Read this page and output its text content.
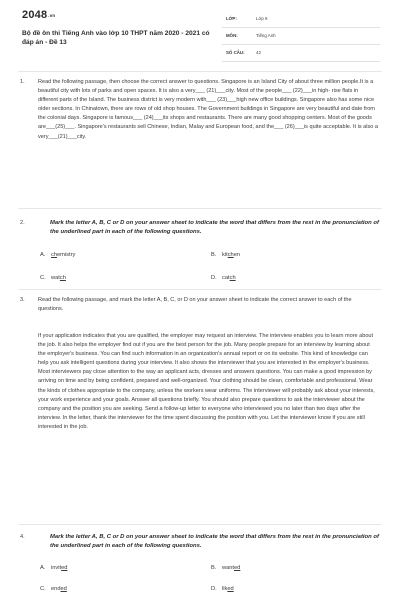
2048.vn
Bộ đề ôn thi Tiếng Anh vào lớp 10 THPT năm 2020 - 2021 có đáp án - Đề 13
LỚP:	Lớp 9
MÔN:	Tiếng Anh
SỐ CÂU:	42
1. Read the following passage, then choose the correct answer to questions. Singapore is an Island City of about three million people.It is a beautiful city with lots of parks and open spaces. It is also a very___ (21)___city. Most of the people___ (22)___in high- rise flats in different parts of the Island. The business district is very modern with___ (23)___high new office buildings. Singapore also has some nice older sections. In Chinatown, there are rows of old shop houses. The Government buildings in Singapore are very beautiful and date from the colonial days. Singapore is famous___ (24)___its shops and restaurants. There are many good shopping centers. Most of the goods are___(25)___. Singapore's restaurants sell Chinese, Indian, Malay and European food, and the___ (26)___is quite acceptable. It is also a very___(21)___city.

2.	Mark the letter A, B, C or D on your answer sheet to indicate the word that differs from the rest in the pronunciation of the underlined part in each of the following questions.

A. chemistry	B. kitchen
C. watch	D. catch
3. Read the following passage, and mark the letter A, B, C, or D on your answer sheet to indicate the correct answer to each of the questions.

If your application indicates that you are qualified, the employer may request an interview. The interview enables you to learn more about the job. It also helps the employer find out if you are the best person for the job. Many people prepare for an interview by learning about the employer's business. You can find such information in an organization's annual report or on its website. This kind of knowledge can help you ask intelligent questions during your interview. It also shows the interviewer that you are interested in the employer's business. Most interviewers pay close attention to the way an applicant acts, dresses and answers questions. You can make a good impression by arriving on time and by being confident, prepared and well-organized. Your clothing should be clean, comfortable and professional. Wear the kinds of clothes appropriate to the company, unless the workers wear uniforms. The interviewer will probably ask about your interests, your work experience and your goals. Answer all questions briefly. You should also prepare questions to ask the interviewer about the company and the position you are seeking. Send a follow-up letter to everyone who interviewed you no later than two days after the interview. In the letter, thank the interviewer for the time spent discussing the position with you. Let the interviewer know if you are still interested in the job.

4.	Mark the letter A, B, C or D on your answer sheet to indicate the word that differs from the rest in the pronunciation of the underlined part in each of the following questions.

A. invited	B. wanted
C. ended	D. liked
